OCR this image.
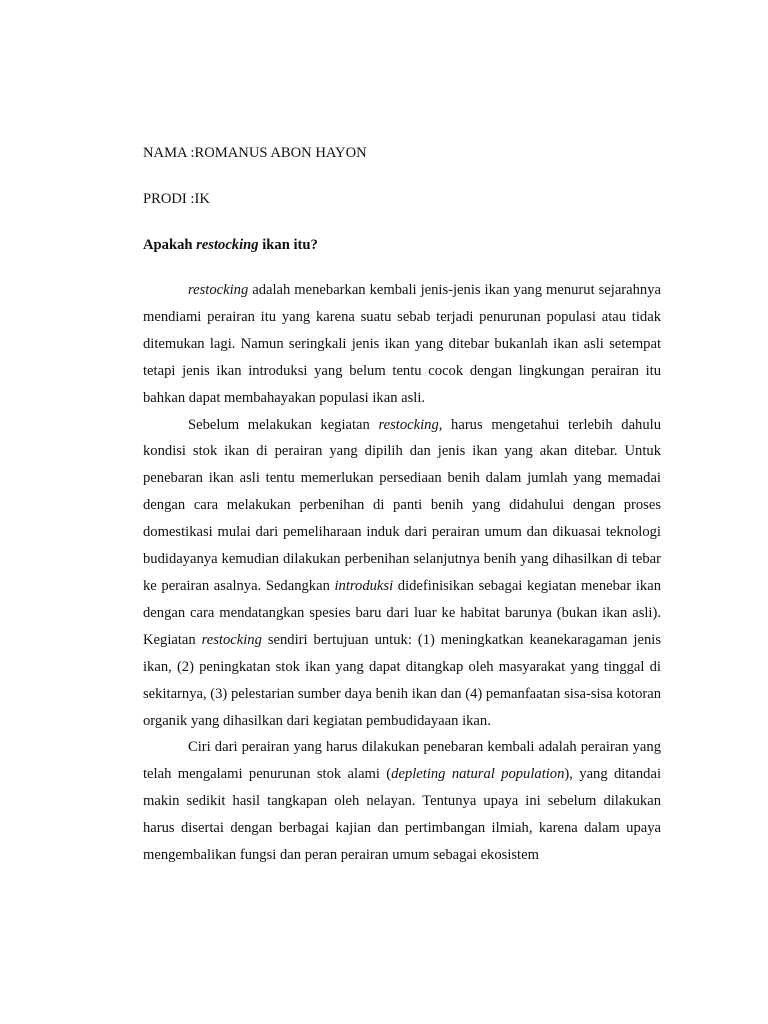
NAMA :ROMANUS ABON HAYON

PRODI :IK

Apakah restocking ikan itu?

restocking adalah menebarkan kembali jenis-jenis ikan yang menurut sejarahnya mendiami perairan itu yang karena suatu sebab terjadi penurunan populasi atau tidak ditemukan lagi. Namun seringkali jenis ikan yang ditebar bukanlah ikan asli setempat tetapi jenis ikan introduksi yang belum tentu cocok dengan lingkungan perairan itu bahkan dapat membahayakan populasi ikan asli.

Sebelum melakukan kegiatan restocking, harus mengetahui terlebih dahulu kondisi stok ikan di perairan yang dipilih dan jenis ikan yang akan ditebar. Untuk penebaran ikan asli tentu memerlukan persediaan benih dalam jumlah yang memadai dengan cara melakukan perbenihan di panti benih yang didahului dengan proses domestikasi mulai dari pemeliharaan induk dari perairan umum dan dikuasai teknologi budidayanya kemudian dilakukan perbenihan selanjutnya benih yang dihasilkan di tebar ke perairan asalnya. Sedangkan introduksi didefinisikan sebagai kegiatan menebar ikan dengan cara mendatangkan spesies baru dari luar ke habitat barunya (bukan ikan asli). Kegiatan restocking sendiri bertujuan untuk: (1) meningkatkan keanekaragaman jenis ikan, (2) peningkatan stok ikan yang dapat ditangkap oleh masyarakat yang tinggal di sekitarnya, (3) pelestarian sumber daya benih ikan dan (4) pemanfaatan sisa-sisa kotoran organik yang dihasilkan dari kegiatan pembudidayaan ikan.

Ciri dari perairan yang harus dilakukan penebaran kembali adalah perairan yang telah mengalami penurunan stok alami (depleting natural population), yang ditandai makin sedikit hasil tangkapan oleh nelayan. Tentunya upaya ini sebelum dilakukan harus disertai dengan berbagai kajian dan pertimbangan ilmiah, karena dalam upaya mengembalikan fungsi dan peran perairan umum sebagai ekosistem
